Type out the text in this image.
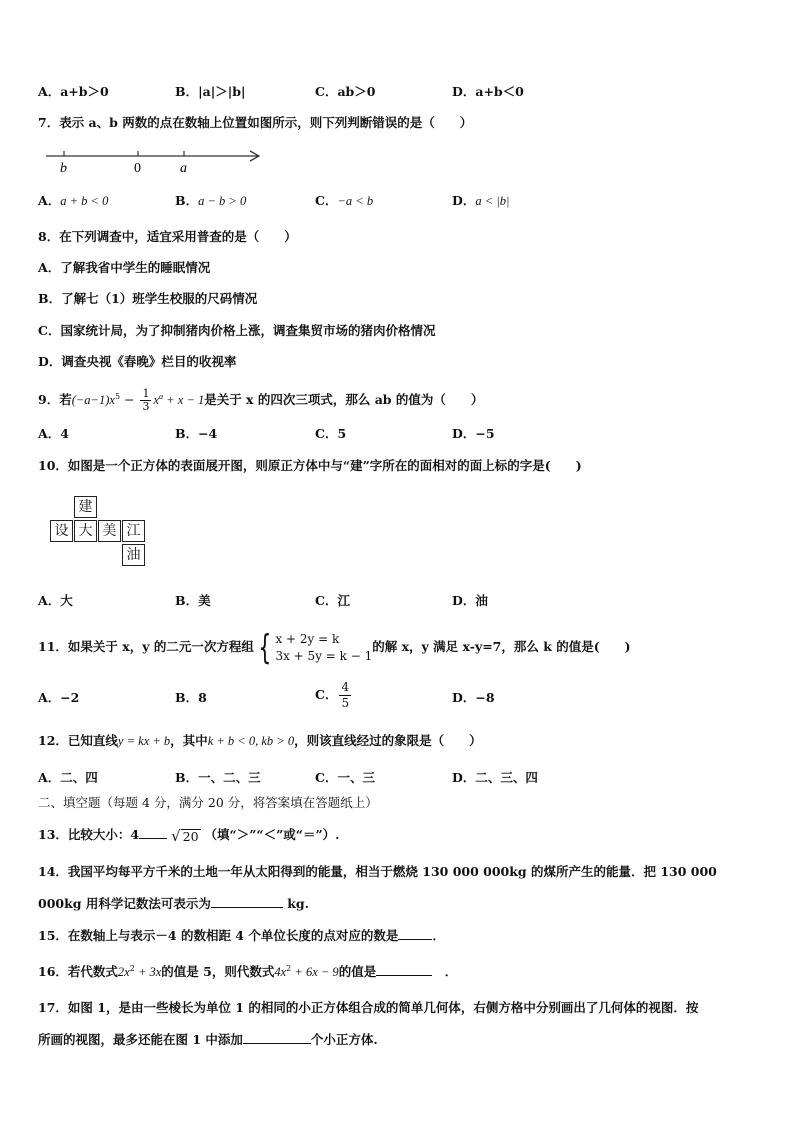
A．a+b＞0	B．|a|＞|b|	C．ab＞0	D．a+b＜0
7．表示 a、b 两数的点在数轴上位置如图所示，则下列判断错误的是（　　）
b	0	a
A．a + b < 0	B．a − b > 0	C．−a < b	D．a < |b|
8．在下列调查中，适宜采用普查的是（　　）
A．了解我省中学生的睡眠情况
B．了解七（1）班学生校服的尺码情况
C．国家统计局，为了抑制猪肉价格上涨，调查集贸市场的猪肉价格情况
D．调查央视《春晚》栏目的收视率
9．若$(-a-1)x^5 - \frac{1}{3} x^a + x - 1$是关于 x 的四次三项式，那么 ab 的值为（　　）
A．4	B．−4	C．5	D．−5
10．如图是一个正方体的表面展开图，则原正方体中与“建”字所在的面相对的面上标的字是(　　)
建
设 大 美 江
油
A．大	B．美	C．江	D．油
11．如果关于 x，y 的二元一次方程组 { x + 2y = k
3x + 5y = k − 1
的解 x，y 满足 x-y=7，那么 k 的值是(　　)
A．−2	B．8	C． $\frac{4}{5}$	D．−8
12．已知直线y = kx + b，其中k + b < 0, kb > 0，则该直线经过的象限是（　　）
A．二、四	B．一、二、三	C．一、三	D．二、三、四
二、填空题（每题 4 分，满分 20 分，将答案填在答题纸上）
13．比较大小：4 √ 20 （填“＞”“＜”或“＝”）.
14．我国平均每平方千米的土地一年从太阳得到的能量，相当于燃烧 130 000 000kg 的煤所产生的能量．把 130 000
000kg 用科学记数法可表示为	kg.
15．在数轴上与表示－4 的数相距 4 个单位长度的点对应的数是	．
16．若代数式$2x^2 + 3x$的值是 5，则代数式$4x^2 + 6x - 9$的值是　	．
17．如图 1，是由一些棱长为单位 1 的相同的小正方体组合成的简单几何体，右侧方格中分别画出了几何体的视图．按
所画的视图，最多还能在图 1 中添加	个小正方体.
